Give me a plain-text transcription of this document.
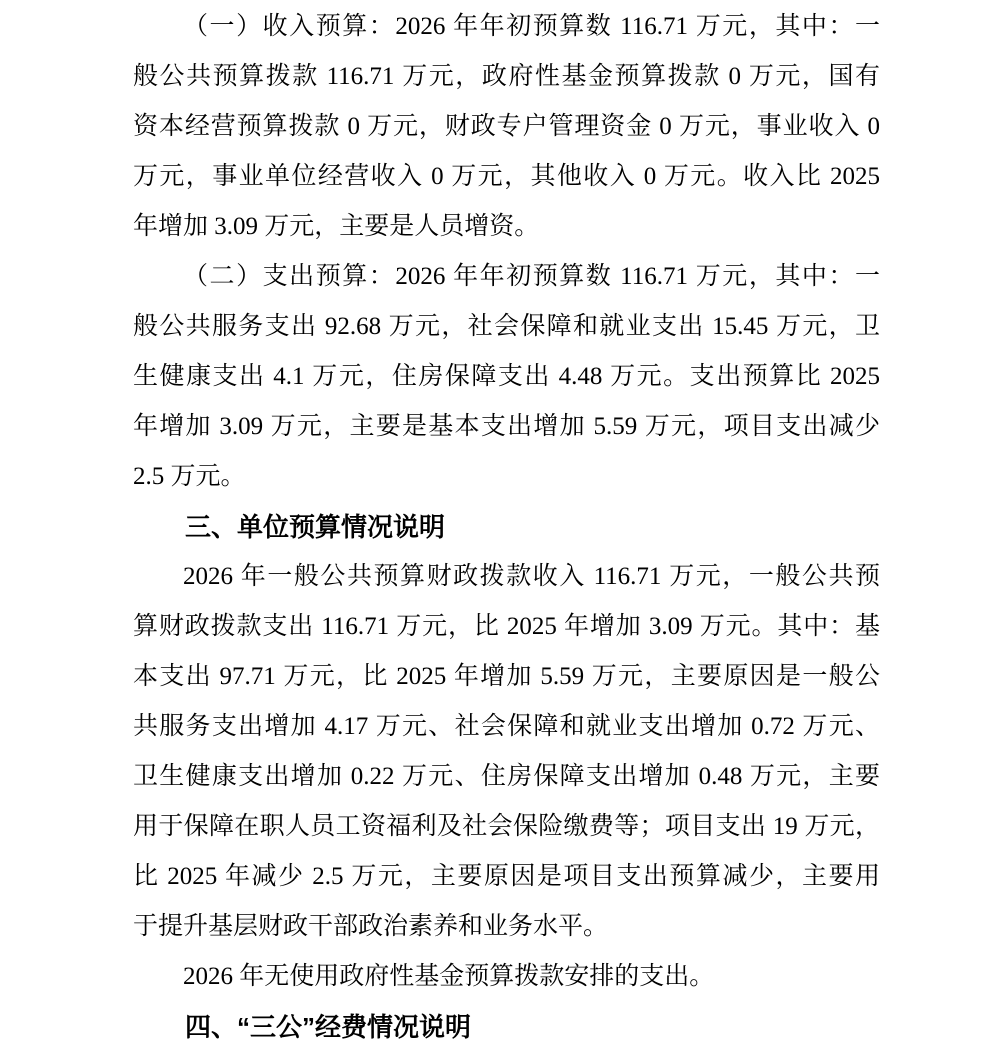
（一）收入预算：2026 年年初预算数 116.71 万元，其中：一
般公共预算拨款 116.71 万元，政府性基金预算拨款 0 万元，国有
资本经营预算拨款 0 万元，财政专户管理资金 0 万元，事业收入 0
万元，事业单位经营收入 0 万元，其他收入 0 万元。收入比 2025
年增加 3.09 万元，主要是人员增资。
（二）支出预算：2026 年年初预算数 116.71 万元，其中：一
般公共服务支出 92.68 万元，社会保障和就业支出 15.45 万元，卫
生健康支出 4.1 万元，住房保障支出 4.48 万元。支出预算比 2025
年增加 3.09 万元，主要是基本支出增加 5.59 万元，项目支出减少
2.5 万元。
三、单位预算情况说明
2026 年一般公共预算财政拨款收入 116.71 万元，一般公共预
算财政拨款支出 116.71 万元，比 2025 年增加 3.09 万元。其中：基
本支出 97.71 万元，比 2025 年增加 5.59 万元，主要原因是一般公
共服务支出增加 4.17 万元、社会保障和就业支出增加 0.72 万元、
卫生健康支出增加 0.22 万元、住房保障支出增加 0.48 万元，主要
用于保障在职人员工资福利及社会保险缴费等；项目支出 19 万元，
比 2025 年减少 2.5 万元，主要原因是项目支出预算减少，主要用
于提升基层财政干部政治素养和业务水平。
2026 年无使用政府性基金预算拨款安排的支出。
四、“三公”经费情况说明
